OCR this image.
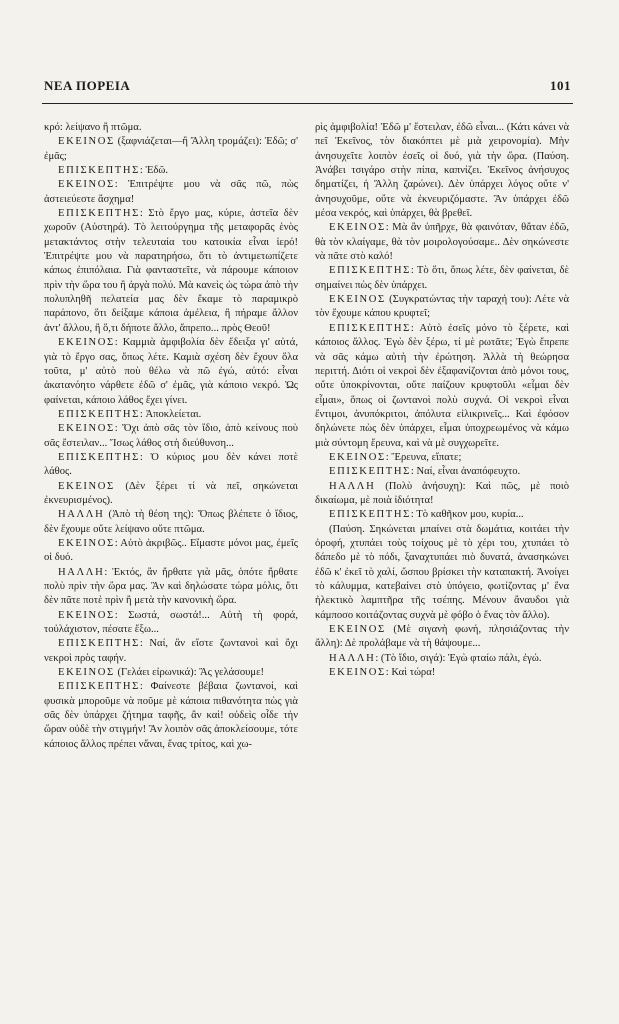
ΝΕΑ ΠΟΡΕΙΑ	101

κρό: λείψανο ἢ πτῶμα.

ΕΚΕΙΝΟΣ (ξαφνιάζεται—ἢ Ἄλλη τρομάζει): Ἐδῶ; σ' ἐμᾶς;

ΕΠΙΣΚΕΠΤΗΣ: Ἐδῶ.

ΕΚΕΙΝΟΣ: Ἐπιτρέψτε μου νὰ σᾶς πῶ, πὼς ἀστειεύεστε ἄσχημα!

ΕΠΙΣΚΕΠΤΗΣ: Στὸ ἔργο μας, κύριε, ἀστεῖα δὲν χωροῦν (Αὐστηρά). Τὸ λειτούργημα τῆς μεταφορᾶς ἑνὸς μετακτάντος στὴν τελευταία του κατοικία εἶναι ἱερό! Ἐπιτρέψτε μου νὰ παρατηρήσω, ὅτι τὸ ἀντιμετωπίζετε κάπως ἐπιπόλαια. Γιὰ φανταστεῖτε, νὰ πάρουμε κάποιον πρὶν τὴν ὥρα του ἢ ἀργὰ πολύ. Μὰ κανεὶς ὡς τώρα ἀπὸ τὴν πολυπληθῆ πελατεία μας δὲν ἔκαμε τὸ παραμικρὸ παράπονο, ὅτι δείξαμε κάποια ἀμέλεια, ἢ πήραμε ἄλλον ἀντ' ἄλλου, ἢ ὅ,τι δήποτε ἄλλο, ἄπρεπο... πρὸς Θεοῦ!

ΕΚΕΙΝΟΣ: Καμμιὰ ἀμφιβολία δὲν ἔδειξα γι' αὐτά, γιὰ τὸ ἔργο σας, ὅπως λέτε. Καμιὰ σχέση δὲν ἔχουν ὅλα τοῦτα, μ' αὐτὸ ποὺ θέλω νὰ πῶ ἐγώ, αὐτό: εἶναι ἀκατανόητο νάρθετε ἐδῶ σ' ἐμᾶς, γιὰ κάποιο νεκρό. Ὡς φαίνεται, κάποιο λάθος ἔχει γίνει.

ΕΠΙΣΚΕΠΤΗΣ: Ἀποκλείεται.

ΕΚΕΙΝΟΣ: Ὄχι ἀπὸ σᾶς τὸν ἴδιο, ἀπὸ κείνους ποὺ σᾶς ἔστειλαν... Ἴσως λάθος στὴ διεύθυνση...

ΕΠΙΣΚΕΠΤΗΣ: Ὁ κύριος μου δὲν κάνει ποτὲ λάθος.

ΕΚΕΙΝΟΣ (Δὲν ξέρει τί νὰ πεῖ, σηκώνεται ἐκνευρισμένος).

ΗΑΛΛΗ (Ἀπὸ τὴ θέση της): Ὅπως βλέπετε ὁ ἴδιος, δὲν ἔχουμε οὔτε λείψανο οὔτε πτῶμα.

ΕΚΕΙΝΟΣ: Αὐτὸ ἀκριβῶς.. Εἴμαστε μόνοι μας, ἐμεῖς οἱ δυό.

ΗΑΛΛΗ: Ἐκτός, ἂν ἤρθατε γιὰ μᾶς, ὁπότε ἤρθατε πολὺ πρὶν τὴν ὥρα μας. Ἂν καὶ δηλώσατε τώρα μόλις, ὅτι δὲν πᾶτε ποτὲ πρὶν ἢ μετὰ τὴν κανονικὴ ὥρα.

ΕΚΕΙΝΟΣ: Σωστά, σωστά!... Αὐτὴ τὴ φορά, τοὐλάχιστον, πέσατε ἔξω...

ΕΠΙΣΚΕΠΤΗΣ: Ναί, ἂν εἴστε ζωντανοὶ καὶ ὄχι νεκροὶ πρὸς ταφήν.

ΕΚΕΙΝΟΣ (Γελάει εἰρωνικά): Ἂς γελάσουμε!

ΕΠΙΣΚΕΠΤΗΣ: Φαίνεστε βέβαια ζωντανοί, καὶ φυσικὰ μποροῦμε νὰ ποῦμε μὲ κάποια πιθανότητα πὼς γιὰ σᾶς δὲν ὑπάρχει ζήτημα ταφῆς, ἂν καὶ! οὐδεὶς οἶδε τὴν ὥραν οὐδὲ τὴν στιγμήν! Ἂν λοιπὸν σᾶς ἀποκλείσουμε, τότε κάποιος ἄλλος πρέπει νἄναι, ἕνας τρίτος, καὶ χω-

ρὶς ἀμφιβολία! Ἐδῶ μ' ἔστειλαν, ἐδῶ εἶναι... (Κάτι κάνει νὰ πεῖ Ἐκεῖνος, τὸν διακόπτει μὲ μιὰ χειρονομία). Μὴν ἀνησυχεῖτε λοιπὸν ἐσεῖς οἱ δυό, γιὰ τὴν ὥρα. (Παύση. Ἀνάβει τσιγάρο στὴν πίπα, καπνίζει. Ἐκεῖνος ἀνήσυχος δηματίζει, ἡ Ἄλλη ζαρώνει). Δὲν ὑπάρχει λόγος οὔτε ν' ἀνησυχοῦμε, οὔτε νὰ ἐκνευριζόμαστε. Ἂν ὑπάρχει ἐδῶ μέσα νεκρός, καὶ ὑπάρχει, θὰ βρεθεῖ.

ΕΚΕΙΝΟΣ: Μὰ ἂν ὑπῆρχε, θὰ φαινόταν, θἄταν ἐδῶ, θὰ τὸν κλαίγαμε, θὰ τὸν μοιρολογούσαμε.. Δὲν σηκώνεστε νὰ πᾶτε στὸ καλό!

ΕΠΙΣΚΕΠΤΗΣ: Τὸ ὅτι, ὅπως λέτε, δὲν φαίνεται, δὲ σημαίνει πὼς δὲν ὑπάρχει.

ΕΚΕΙΝΟΣ (Συγκρατώντας τὴν ταραχή του): Λέτε νὰ τὸν ἔχουμε κάπου κρυφτεῖ;

ΕΠΙΣΚΕΠΤΗΣ: Αὐτὸ ἐσεῖς μόνο τὸ ξέρετε, καὶ κάποιος ἄλλος. Ἐγὼ δὲν ξέρω, τί μὲ ρωτᾶτε; Ἐγὼ ἔπρεπε νὰ σᾶς κάμω αὐτὴ τὴν ἐρώτηση. Ἀλλὰ τὴ θεώρησα περιττή. Διότι οἱ νεκροὶ δὲν ἐξαφανίζονται ἀπὸ μόνοι τους, οὔτε ὑποκρίνονται, οὔτε παίζουν κρυφτοῦλι «εἶμαι δὲν εἶμαι», ὅπως οἱ ζωντανοὶ πολὺ συχνά. Οἱ νεκροὶ εἶναι ἔντιμοι, ἀνυπόκριτοι, ἀπόλυτα εἰλικρινεῖς... Καὶ ἐφόσον δηλώνετε πὼς δὲν ὑπάρχει, εἶμαι ὑποχρεωμένος νὰ κάμω μιὰ σύντομη ἔρευνα, καὶ νὰ μὲ συγχωρεῖτε.

ΕΚΕΙΝΟΣ: Ἔρευνα, εἴπατε;

ΕΠΙΣΚΕΠΤΗΣ: Ναί, εἶναι ἀναπόφευχτο.

ΗΑΛΛΗ (Πολὺ ἀνήσυχη): Καὶ πῶς, μὲ ποιὸ δικαίωμα, μὲ ποιὰ ἰδιότητα!

ΕΠΙΣΚΕΠΤΗΣ: Τὸ καθῆκον μου, κυρία...

(Παύση. Σηκώνεται μπαίνει στὰ δωμάτια, κοιτάει τὴν ὀροφή, χτυπάει τοὺς τοίχους μὲ τὸ χέρι του, χτυπάει τὸ δάπεδο μὲ τὸ πόδι, ξαναχτυπάει πιὸ δυνατά, ἀνασηκώνει ἐδῶ κ' ἐκεῖ τὸ χαλί, ὥσπου βρίσκει τὴν καταπακτή. Ἀνοίγει τὸ κάλυμμα, κατεβαίνει στὸ ὑπόγειο, φωτίζοντας μ' ἕνα ἠλεκτικὸ λαμπτῆρα τῆς τσέπης. Μένουν ἄναυδοι γιὰ κάμποσο κοιτάζοντας συχνὰ μὲ φόβο ὁ ἕνας τὸν ἄλλο).

ΕΚΕΙΝΟΣ (Μὲ σιγανὴ φωνή, πλησιάζοντας τὴν ἄλλη): Δὲ προλάβαμε νὰ τὴ θάψουμε...

ΗΑΛΛΗ: (Τὸ ἴδιο, σιγά): Ἐγὼ φταίω πάλι, ἐγώ.

ΕΚΕΙΝΟΣ: Καὶ τώρα!
